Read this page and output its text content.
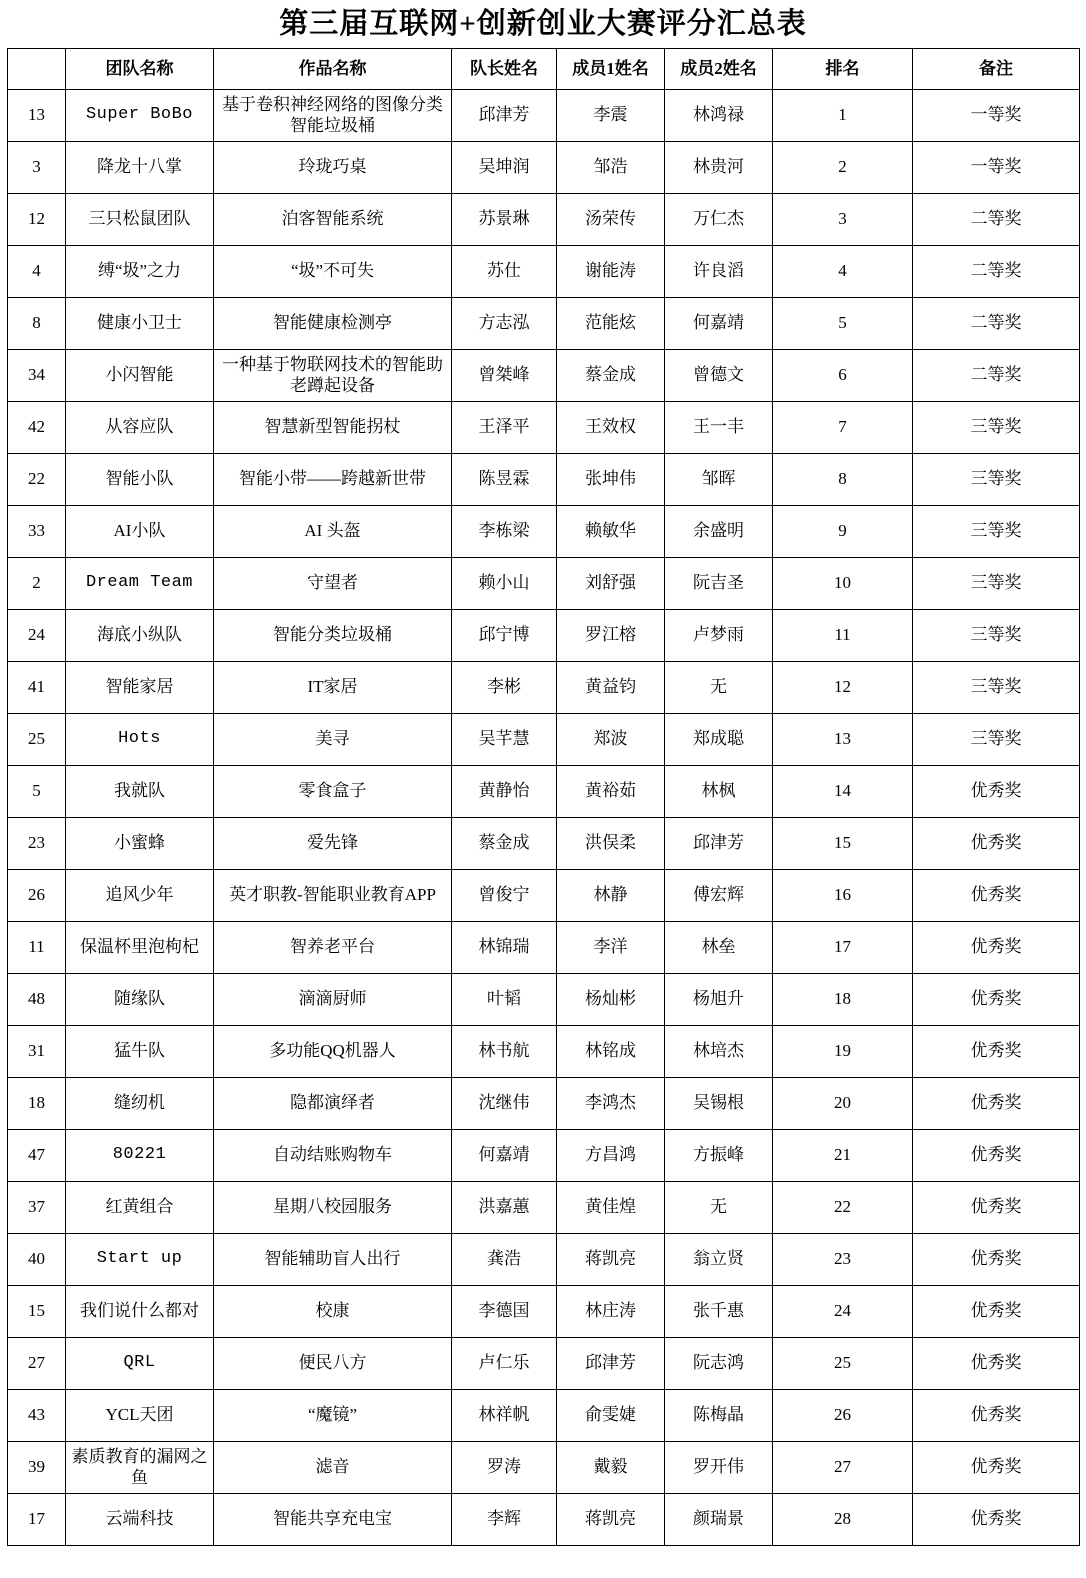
第三届互联网+创新创业大赛评分汇总表
	团队名称	作品名称	队长姓名	成员1姓名	成员2姓名	排名	备注
13	Super BoBo	基于卷积神经网络的图像分类智能垃圾桶	邱津芳	李震	林鸿禄	1	一等奖
3	降龙十八掌	玲珑巧桌	吴坤润	邹浩	林贵河	2	一等奖
12	三只松鼠团队	泊客智能系统	苏景琳	汤荣传	万仁杰	3	二等奖
4	缚“圾”之力	“圾”不可失	苏仕	谢能涛	许良滔	4	二等奖
8	健康小卫士	智能健康检测亭	方志泓	范能炫	何嘉靖	5	二等奖
34	小闪智能	一种基于物联网技术的智能助老蹲起设备	曾桀峰	蔡金成	曾德文	6	二等奖
42	从容应队	智慧新型智能拐杖	王泽平	王效权	王一丰	7	三等奖
22	智能小队	智能小带——跨越新世带	陈昱霖	张坤伟	邹晖	8	三等奖
33	AI小队	AI 头盔	李栋梁	赖敏华	余盛明	9	三等奖
2	Dream Team	守望者	赖小山	刘舒强	阮吉圣	10	三等奖
24	海底小纵队	智能分类垃圾桶	邱宁博	罗江榕	卢梦雨	11	三等奖
41	智能家居	IT家居	李彬	黄益钧	无	12	三等奖
25	Hots	美寻	吴芊慧	郑波	郑成聪	13	三等奖
5	我就队	零食盒子	黄静怡	黄裕茹	林枫	14	优秀奖
23	小蜜蜂	爱先锋	蔡金成	洪俣柔	邱津芳	15	优秀奖
26	追风少年	英才职教-智能职业教育APP	曾俊宁	林静	傅宏辉	16	优秀奖
11	保温杯里泡枸杞	智养老平台	林锦瑞	李洋	林垒	17	优秀奖
48	随缘队	滴滴厨师	叶韬	杨灿彬	杨旭升	18	优秀奖
31	猛牛队	多功能QQ机器人	林书航	林铭成	林培杰	19	优秀奖
18	缝纫机	隐都演绎者	沈继伟	李鸿杰	吴锡根	20	优秀奖
47	80221	自动结账购物车	何嘉靖	方昌鸿	方振峰	21	优秀奖
37	红黄组合	星期八校园服务	洪嘉蕙	黄佳煌	无	22	优秀奖
40	Start up	智能辅助盲人出行	龚浩	蒋凯亮	翁立贤	23	优秀奖
15	我们说什么都对	校康	李德国	林庄涛	张千惠	24	优秀奖
27	QRL	便民八方	卢仁乐	邱津芳	阮志鸿	25	优秀奖
43	YCL天团	“魔镜”	林祥帆	俞雯婕	陈梅晶	26	优秀奖
39	素质教育的漏网之鱼	滤音	罗涛	戴毅	罗开伟	27	优秀奖
17	云端科技	智能共享充电宝	李辉	蒋凯亮	颜瑞景	28	优秀奖
